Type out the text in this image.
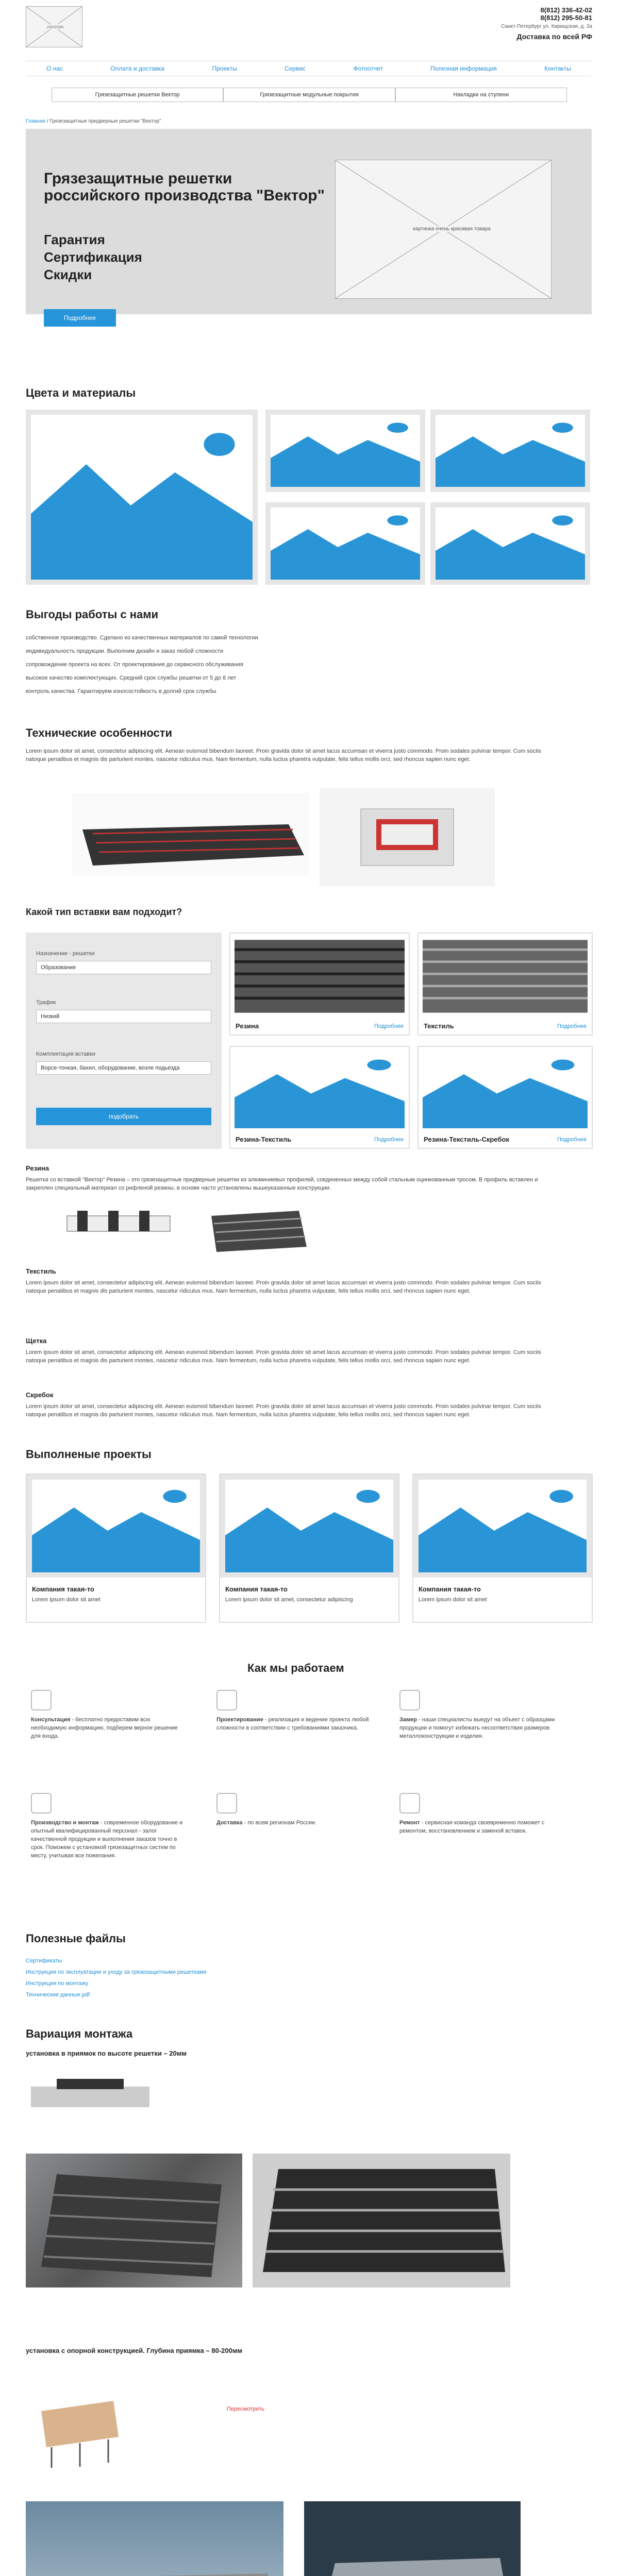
логотип
8(812) 336-42-02
8(812) 295-50-81
Санкт-Петербург ул. Кирищская, д. 2а
Доставка по всей РФ
О нас	Оплата и доставка	Проекты	Сервис	Фотоотчет	Полезная информация	Контакты
Грязезащитные решетки Вектор	Грязезащитные модульные покрытия	Накладки на ступени
Главная / Грязезащитные придверные решетки "Вектор"
Грязезащитные решетки российского производства "Вектор"
Гарантия
Сертификация
Скидки
Подробнее
картинка очень красивая товара
Цвета и материалы
Выгоды работы с нами
собственное производство. Сделано из качественных материалов по самой технологии
индивидуальность продукции. Выполним дизайн и заказ любой сложности
сопровождение проекта на всех. От проектирования до сервисного обслуживания
высокое качество комплектующих. Средний срок службы решетки от 5 до 8 лет
контроль качества. Гарантируем износостойкость в долгий срок службы
Технические особенности
Lorem ipsum dolor sit amet, consectetur adipiscing elit. Aenean euismod bibendum laoreet. Proin gravida dolor sit amet lacus accumsan et viverra justo commodo. Proin sodales pulvinar tempor. Cum sociis natoque penatibus et magnis dis parturient montes, nascetur ridiculus mus. Nam fermentum, nulla luctus pharetra vulputate, felis tellus mollis orci, sed rhoncus sapien nunc eget.
Какой тип вставки вам подходит?
Назначение - решетки
Образование
Трафик
Низкий
Комплектация вставки
Ворсе-тонкая, бахил, оборудование, возле подьезда
подобрать
Резина	Подробнее	Текстиль	Подробнее
Резина-Текстиль	Подробнее	Резина-Текстиль-Скребок	Подробнее
Резина
Решетка со вставкой "Вектор" Резина – это грязезащитные придверные решетки из алюминиевых профилей, соединенных между собой стальным оцинкованным тросом. В профиль вставлен и закреплен специальный материал со рифленой резины, в основе часто установлены вышеуказанные конструкции.
Текстиль
Lorem ipsum dolor sit amet, consectetur adipiscing elit. Aenean euismod bibendum laoreet. Proin gravida dolor sit amet lacus accumsan et viverra justo commodo. Proin sodales pulvinar tempor. Cum sociis natoque penatibus et magnis dis parturient montes, nascetur ridiculus mus. Nam fermentum, nulla luctus pharetra vulputate, felis tellus mollis orci, sed rhoncus sapien nunc eget.
Щетка
Lorem ipsum dolor sit amet, consectetur adipiscing elit. Aenean euismod bibendum laoreet. Proin gravida dolor sit amet lacus accumsan et viverra justo commodo. Proin sodales pulvinar tempor. Cum sociis natoque penatibus et magnis dis parturient montes, nascetur ridiculus mus. Nam fermentum, nulla luctus pharetra vulputate, felis tellus mollis orci, sed rhoncus sapien nunc eget.
Скребок
Lorem ipsum dolor sit amet, consectetur adipiscing elit. Aenean euismod bibendum laoreet. Proin gravida dolor sit amet lacus accumsan et viverra justo commodo. Proin sodales pulvinar tempor. Cum sociis natoque penatibus et magnis dis parturient montes, nascetur ridiculus mus. Nam fermentum, nulla luctus pharetra vulputate, felis tellus mollis orci, sed rhoncus sapien nunc eget.
Выполненые проекты
Компания такая-то
Lorem ipsum dolor sit amet
Компания такая-то
Lorem ipsum dolor sit amet, consectetur adipiscing
Компания такая-то
Lorem ipsum dolor sit amet
Как мы работаем
Консультация - бесплатно предоставим всю необходимую информацию, подберем верное решение для входа.
Проектирование - реализация и ведение проекта любой сложности в соответствии с требованиями заказчика.
Замер - наши специалисты выедут на объект с образцами продукции и помогут избежать несоответствия размеров металлоконструкции и изделия.
Производство и монтаж - современное оборудование и опытный квалифицированный персонал - залог качественной продукции и выполнения заказов точно в срок. Поможем с установкой грязезащитных систем по месту, учитывая все пожелания.
Доставка - по всем регионам России.	Ремонт - сервисная команда своевременно поможет с ремонтом, восстановлением и заменой вставок.
Полезные файлы
Сертификаты
Инструкция по эксплуатации и уходу за грязезащитными решетками
Инструкция по монтажу
Технические данные.pdf
Вариация монтажа
установка в приямок по высоте решетки – 20мм
установка с опорной конструкцией. Глубина приямка – 80-200мм
Пересмотреть
